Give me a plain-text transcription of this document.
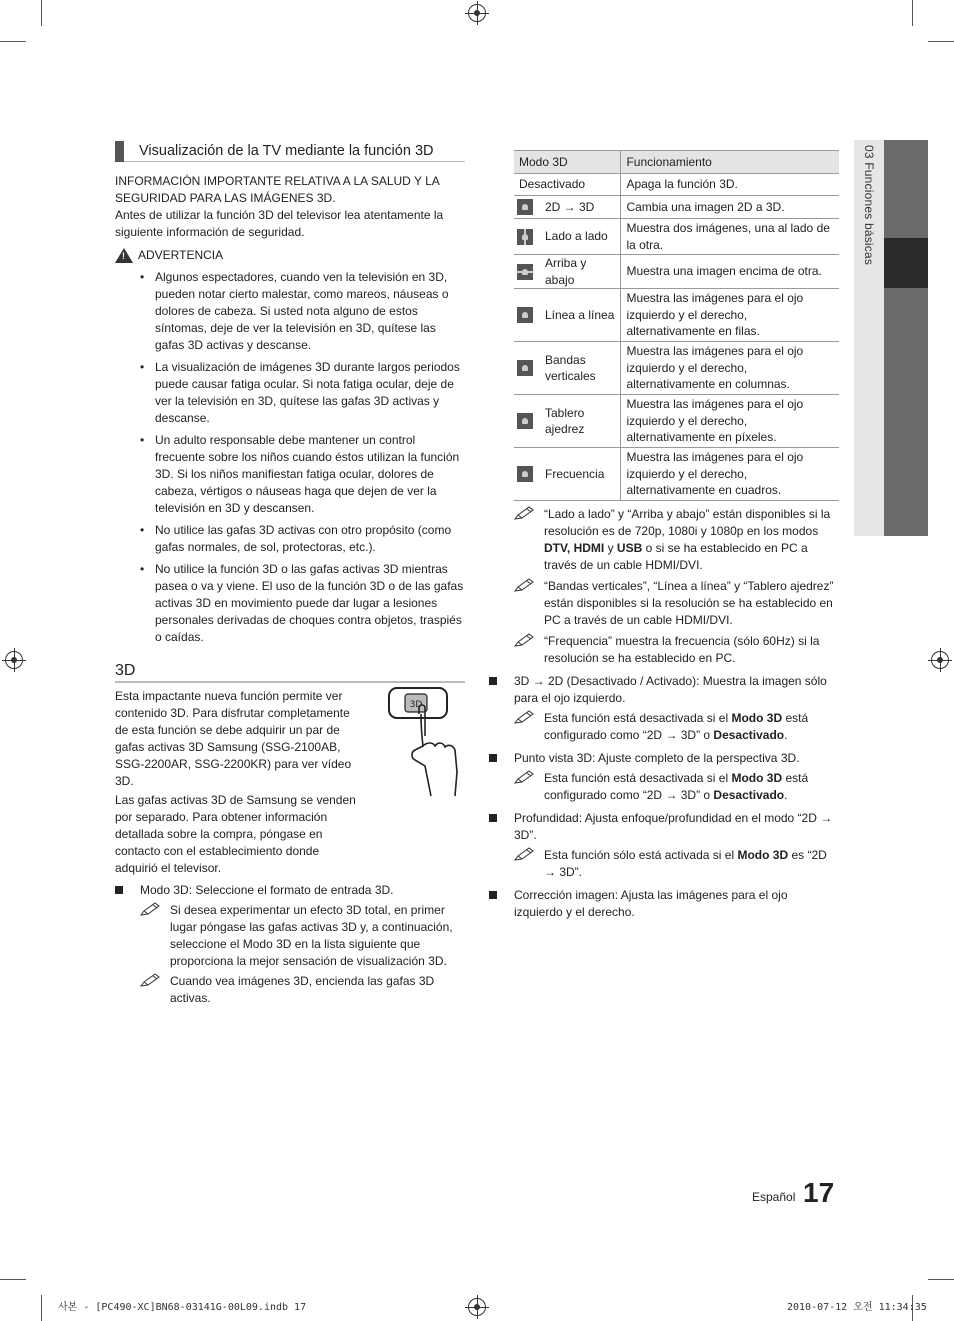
03 Funciones básicas
Visualización de la TV mediante la función 3D

INFORMACIÓN IMPORTANTE RELATIVA A LA SALUD Y LA SEGURIDAD PARA LAS IMÁGENES 3D.

Antes de utilizar la función 3D del televisor lea atentamente la siguiente información de seguridad.

!
ADVERTENCIA
• Algunos espectadores, cuando ven la televisión en 3D, pueden notar cierto malestar, como mareos, náuseas o dolores de cabeza. Si usted nota alguno de estos síntomas, deje de ver la televisión en 3D, quítese las gafas 3D activas y descanse.
• La visualización de imágenes 3D durante largos periodos puede causar fatiga ocular. Si nota fatiga ocular, deje de ver la televisión en 3D, quítese las gafas 3D activas y descanse.
• Un adulto responsable debe mantener un control frecuente sobre los niños cuando éstos utilizan la función 3D. Si los niños manifiestan fatiga ocular, dolores de cabeza, vértigos o náuseas haga que dejen de ver la televisión en 3D y descansen.
• No utilice las gafas 3D activas con otro propósito (como gafas normales, de sol, protectoras, etc.).
• No utilice la función 3D o las gafas activas 3D mientras pasea o va y viene. El uso de la función 3D o de las gafas activas 3D en movimiento puede dar lugar a lesiones personales derivadas de choques contra objetos, traspiés o caídas.
3D

Esta impactante nueva función permite ver contenido 3D. Para disfrutar completamente de esta función se debe adquirir un par de gafas activas 3D Samsung (SSG-2100AB, SSG-2200AR, SSG-2200KR) para ver vídeo 3D.

Las gafas activas 3D de Samsung se venden por separado. Para obtener información detallada sobre la compra, póngase en contacto con el establecimiento donde adquirió el televisor.

3D
Modo 3D: Seleccione el formato de entrada 3D.
Si desea experimentar un efecto 3D total, en primer lugar póngase las gafas activas 3D y, a continuación, seleccione el Modo 3D en la lista siguiente que proporciona la mejor sensación de visualización 3D.
Cuando vea imágenes 3D, encienda las gafas 3D activas.
Modo 3D		Funcionamiento
Desactivado		Apaga la función 3D.
	2D → 3D	Cambia una imagen 2D a 3D.
	Lado a lado	Muestra dos imágenes, una al lado de la otra.
	Arriba y abajo	Muestra una imagen encima de otra.
	Línea a línea	Muestra las imágenes para el ojo izquierdo y el derecho, alternativamente en filas.
	Bandas verticales	Muestra las imágenes para el ojo izquierdo y el derecho, alternativamente en columnas.
	Tablero ajedrez	Muestra las imágenes para el ojo izquierdo y el derecho, alternativamente en píxeles.
	Frecuencia	Muestra las imágenes para el ojo izquierdo y el derecho, alternativamente en cuadros.
“Lado a lado” y “Arriba y abajo” están disponibles si la resolución es de 720p, 1080i y 1080p en los modos DTV, HDMI y USB o si se ha establecido en PC a través de un cable HDMI/DVI.
“Bandas verticales”, “Línea a línea” y “Tablero ajedrez” están disponibles si la resolución se ha establecido en PC a través de un cable HDMI/DVI.
“Frequencia” muestra la frecuencia (sólo 60Hz) si la resolución se ha establecido en PC.
3D → 2D (Desactivado / Activado): Muestra la imagen sólo para el ojo izquierdo.
Esta función está desactivada si el Modo 3D está configurado como “2D → 3D” o Desactivado.
Punto vista 3D: Ajuste completo de la perspectiva 3D.
Esta función está desactivada si el Modo 3D está configurado como “2D → 3D” o Desactivado.
Profundidad: Ajusta enfoque/profundidad en el modo “2D → 3D”.
Esta función sólo está activada si el Modo 3D es “2D → 3D”.
Corrección imagen: Ajusta las imágenes para el ojo izquierdo y el derecho.
Español 17
사본 - [PC490-XC]BN68-03141G-00L09.indb 17	2010-07-12 오전 11:34:35
